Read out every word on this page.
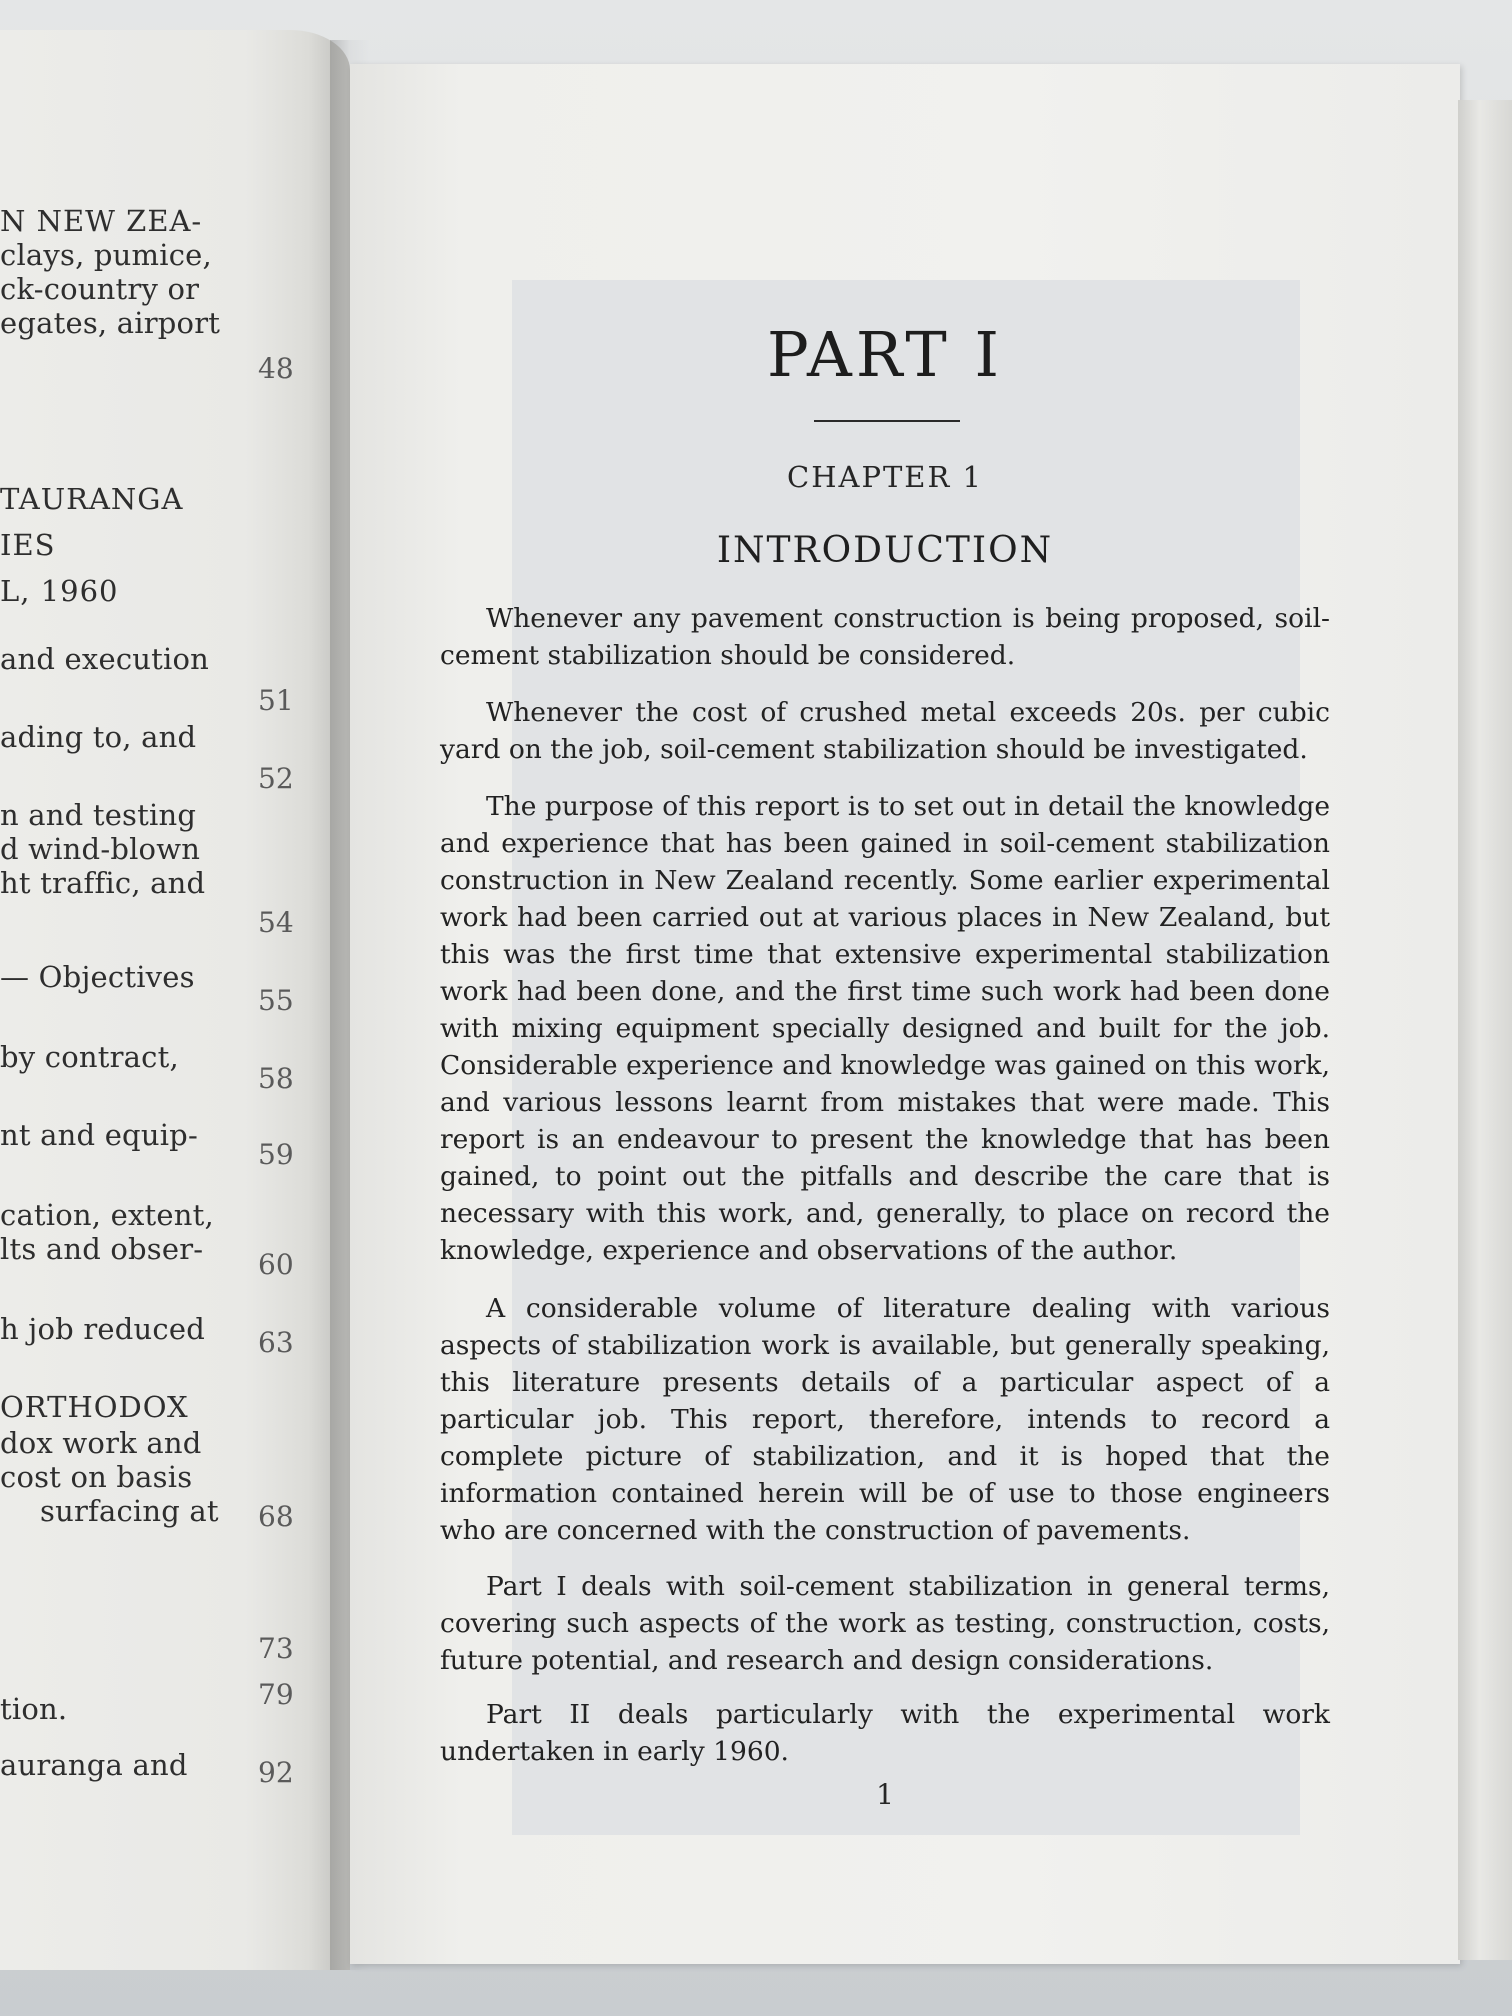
N NEW ZEA-
clays, pumice,
ck-country or
egates, airport
TAURANGA
IES
L, 1960
and execution
ading to, and
n and testing
d wind-blown
ht traffic, and
— Objectives
by contract,
nt and equip-
cation, extent,
lts and obser-
h job reduced
ORTHODOX
dox work and
cost on basis
surfacing at
tion.
auranga and
48
51
52
54
55
58
59
60
63
68
73
79
92
PART I
CHAPTER 1
INTRODUCTION

Whenever any pavement construction is being proposed, soil-cement stabilization should be considered.

Whenever the cost of crushed metal exceeds 20s. per cubic yard on the job, soil-cement stabilization should be investigated.

The purpose of this report is to set out in detail the knowledge and experience that has been gained in soil-cement stabilization construction in New Zealand recently. Some earlier experimental work had been carried out at various places in New Zealand, but this was the first time that extensive experimental stabilization work had been done, and the first time such work had been done with mixing equipment specially designed and built for the job. Considerable experience and knowledge was gained on this work, and various lessons learnt from mistakes that were made. This report is an endeavour to present the knowledge that has been gained, to point out the pitfalls and describe the care that is necessary with this work, and, generally, to place on record the knowledge, experience and observations of the author.

A considerable volume of literature dealing with various aspects of stabilization work is available, but generally speaking, this literature presents details of a particular aspect of a particular job. This report, therefore, intends to record a complete picture of stabilization, and it is hoped that the information contained herein will be of use to those engineers who are concerned with the construction of pavements.

Part I deals with soil-cement stabilization in general terms, covering such aspects of the work as testing, construction, costs, future potential, and research and design considerations.

Part II deals particularly with the experimental work undertaken in early 1960.

1
